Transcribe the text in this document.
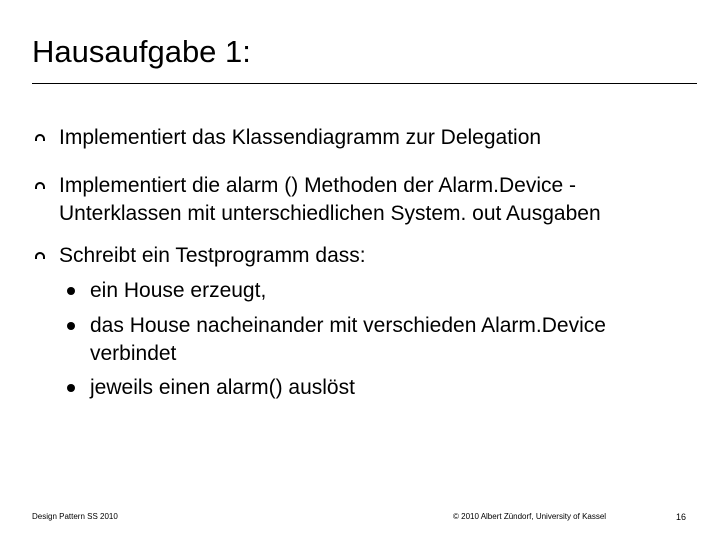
Hausaufgabe 1:
Implementiert das Klassendiagramm zur Delegation
Implementiert die alarm () Methoden der Alarm.Device -
Unterklassen mit unterschiedlichen System. out Ausgaben
Schreibt ein Testprogramm dass:
ein House erzeugt,
das House nacheinander mit verschieden Alarm.Device
verbindet
jeweils einen alarm() auslöst
Design Pattern SS 2010	© 2010 Albert Zündorf, University of Kassel	16
